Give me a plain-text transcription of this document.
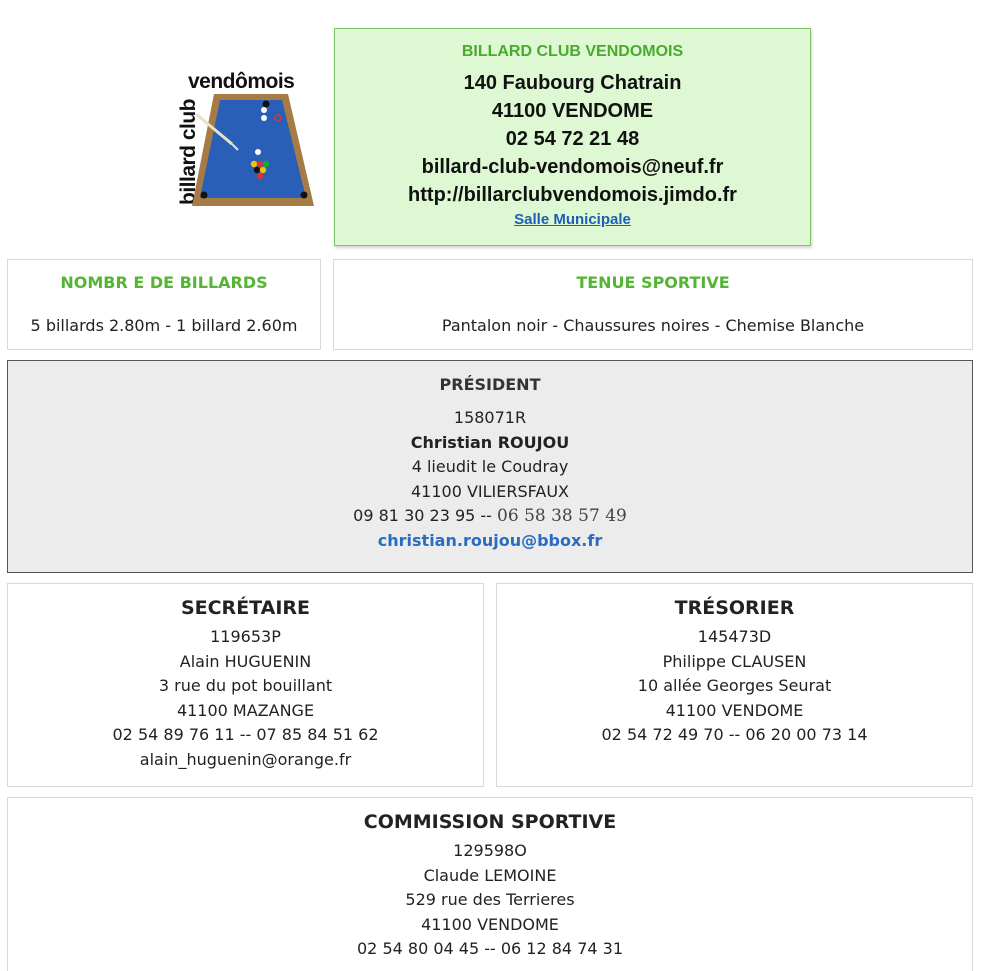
vendômois
billard club
BILLARD CLUB VENDOMOIS
140 Faubourg Chatrain
41100 VENDOME
02 54 72 21 48
billard-club-vendomois@neuf.fr
http://billarclubvendomois.jimdo.fr
Salle Municipale
NOMBR E DE BILLARDS
5 billards 2.80m - 1 billard 2.60m
TENUE SPORTIVE
Pantalon noir - Chaussures noires - Chemise Blanche
PRÉSIDENT
158071R
Christian ROUJOU
4 lieudit le Coudray
41100 VILIERSFAUX
09 81 30 23 95 -- 06 58 38 57 49
christian.roujou@bbox.fr
SECRÉTAIRE
119653P
Alain HUGUENIN
3 rue du pot bouillant
41100 MAZANGE
02 54 89 76 11 -- 07 85 84 51 62
alain_huguenin@orange.fr
TRÉSORIER
145473D
Philippe CLAUSEN
10 allée Georges Seurat
41100 VENDOME
02 54 72 49 70 -- 06 20 00 73 14
COMMISSION SPORTIVE
129598O
Claude LEMOINE
529 rue des Terrieres
41100 VENDOME
02 54 80 04 45 -- 06 12 84 74 31
